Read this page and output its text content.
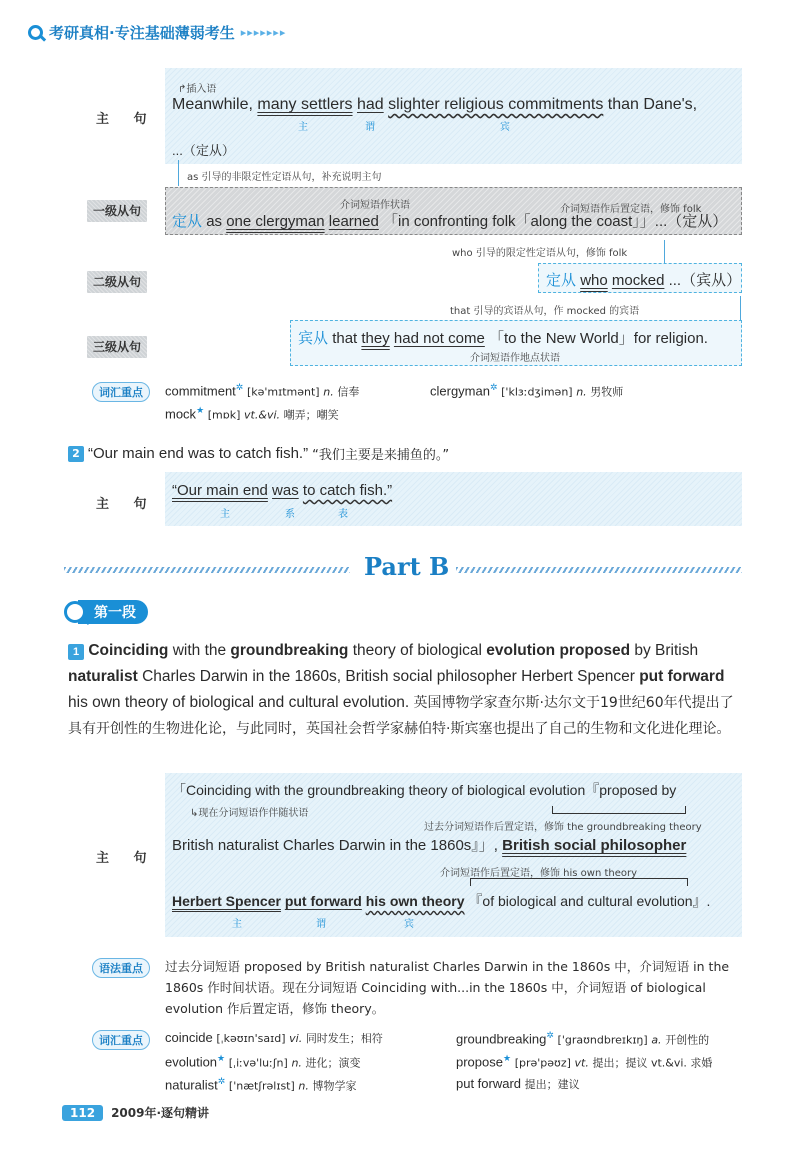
考研真相·专注基础薄弱考生 ▸▸▸▸▸▸▸
主 句
↱插入语
Meanwhile, many settlers had slighter religious commitments than Dane's,
主	谓	宾
...（定从）
as 引导的非限定性定语从句，补充说明主句
一级从句	介词短语作状语	介词短语作后置定语，修饰 folk
定从 as one clergyman learned 「in confronting folk「along the coast」」...（定从）
who 引导的限定性定语从句，修饰 folk
二级从句	定从 who mocked ...（宾从）
that 引导的宾语从句，作 mocked 的宾语
三级从句	宾从 that they had not come 「to the New World」for religion.
介词短语作地点状语
词汇重点	commitment✲ [kə'mɪtmənt] n. 信奉	clergyman✲ ['klɜːdʒimən] n. 男牧师
mock★ [mɒk] vt.&vi. 嘲弄；嘲笑
2 “Our main end was to catch fish.” “我们主要是来捕鱼的。”
主 句
“Our main end was to catch fish.”
主	系	表
Part B
第一段
1 Coinciding with the groundbreaking theory of biological evolution proposed by British naturalist Charles Darwin in the 1860s, British social philosopher Herbert Spencer put forward his own theory of biological and cultural evolution. 英国博物学家查尔斯·达尔文于19世纪60年代提出了具有开创性的生物进化论，与此同时，英国社会哲学家赫伯特·斯宾塞也提出了自己的生物和文化进化理论。
主 句
「Coinciding with the groundbreaking theory of biological evolution『proposed by
↳现在分词短语作伴随状语
过去分词短语作后置定语，修饰 the groundbreaking theory
British naturalist Charles Darwin in the 1860s』」, British social philosopher
介词短语作后置定语，修饰 his own theory
Herbert Spencer put forward his own theory 『of biological and cultural evolution』.
主	谓	宾
语法重点	过去分词短语 proposed by British naturalist Charles Darwin in the 1860s 中，介词短语 in the 1860s 作时间状语。现在分词短语 Coinciding with...in the 1860s 中，介词短语 of biological evolution 作后置定语，修饰 theory。
词汇重点	coincide [ˌkəʊɪn'saɪd] vi. 同时发生；相符	groundbreaking✲ ['graʊndbreɪkɪŋ] a. 开创性的
evolution★ [ˌiːvə'luːʃn] n. 进化；演变	propose★ [prə'pəʊz] vt. 提出；提议 vt.&vi. 求婚
naturalist✲ ['nætʃrəlɪst] n. 博物学家	put forward 提出；建议
112	2009年·逐句精讲
